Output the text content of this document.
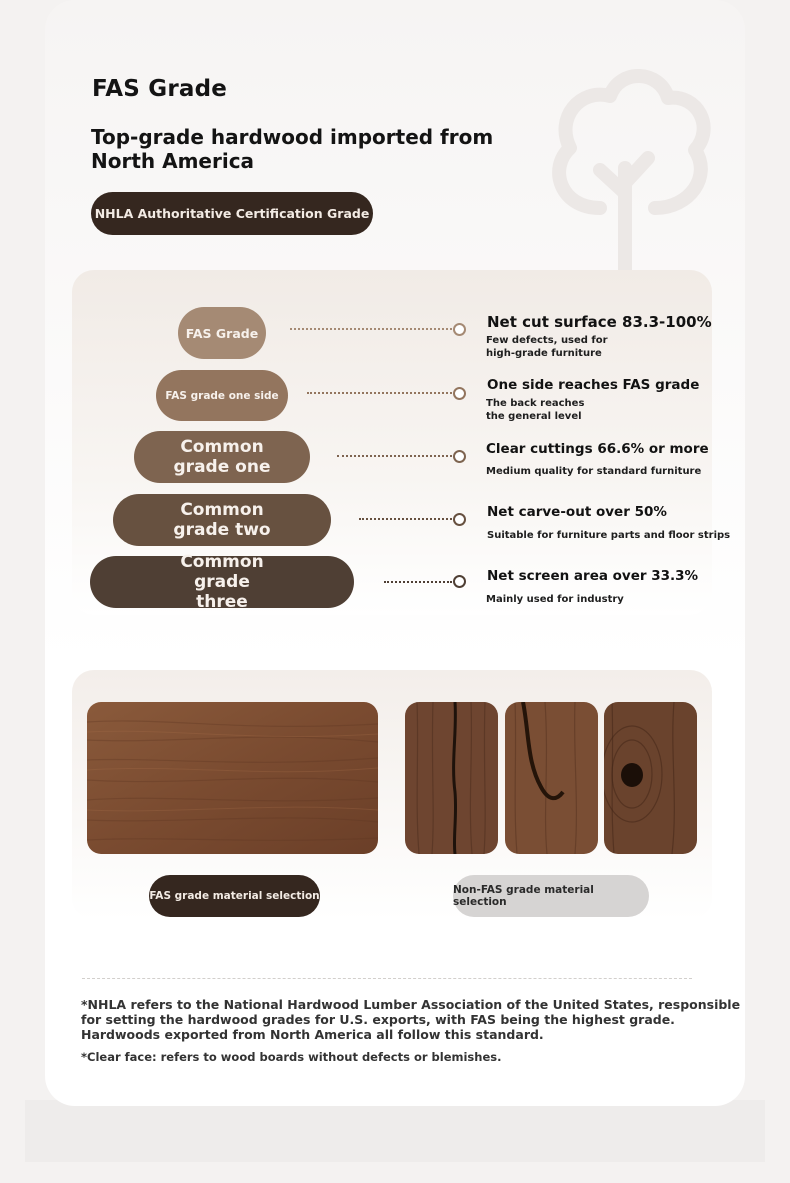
FAS Grade
Top-grade hardwood imported from North America
NHLA Authoritative Certification Grade
FAS Grade
Net cut surface 83.3-100%
Few defects, used for high-grade furniture
FAS grade one side
One side reaches FAS grade
The back reaches the general level
Common grade one
Clear cuttings 66.6% or more
Medium quality for standard furniture
Common grade two
Net carve-out over 50%
Suitable for furniture parts and floor strips
Common grade three
Net screen area over 33.3%
Mainly used for industry
FAS grade material selection	Non-FAS grade material selection

*NHLA refers to the National Hardwood Lumber Association of the United States, responsible for setting the hardwood grades for U.S. exports, with FAS being the highest grade. Hardwoods exported from North America all follow this standard.

*Clear face: refers to wood boards without defects or blemishes.
